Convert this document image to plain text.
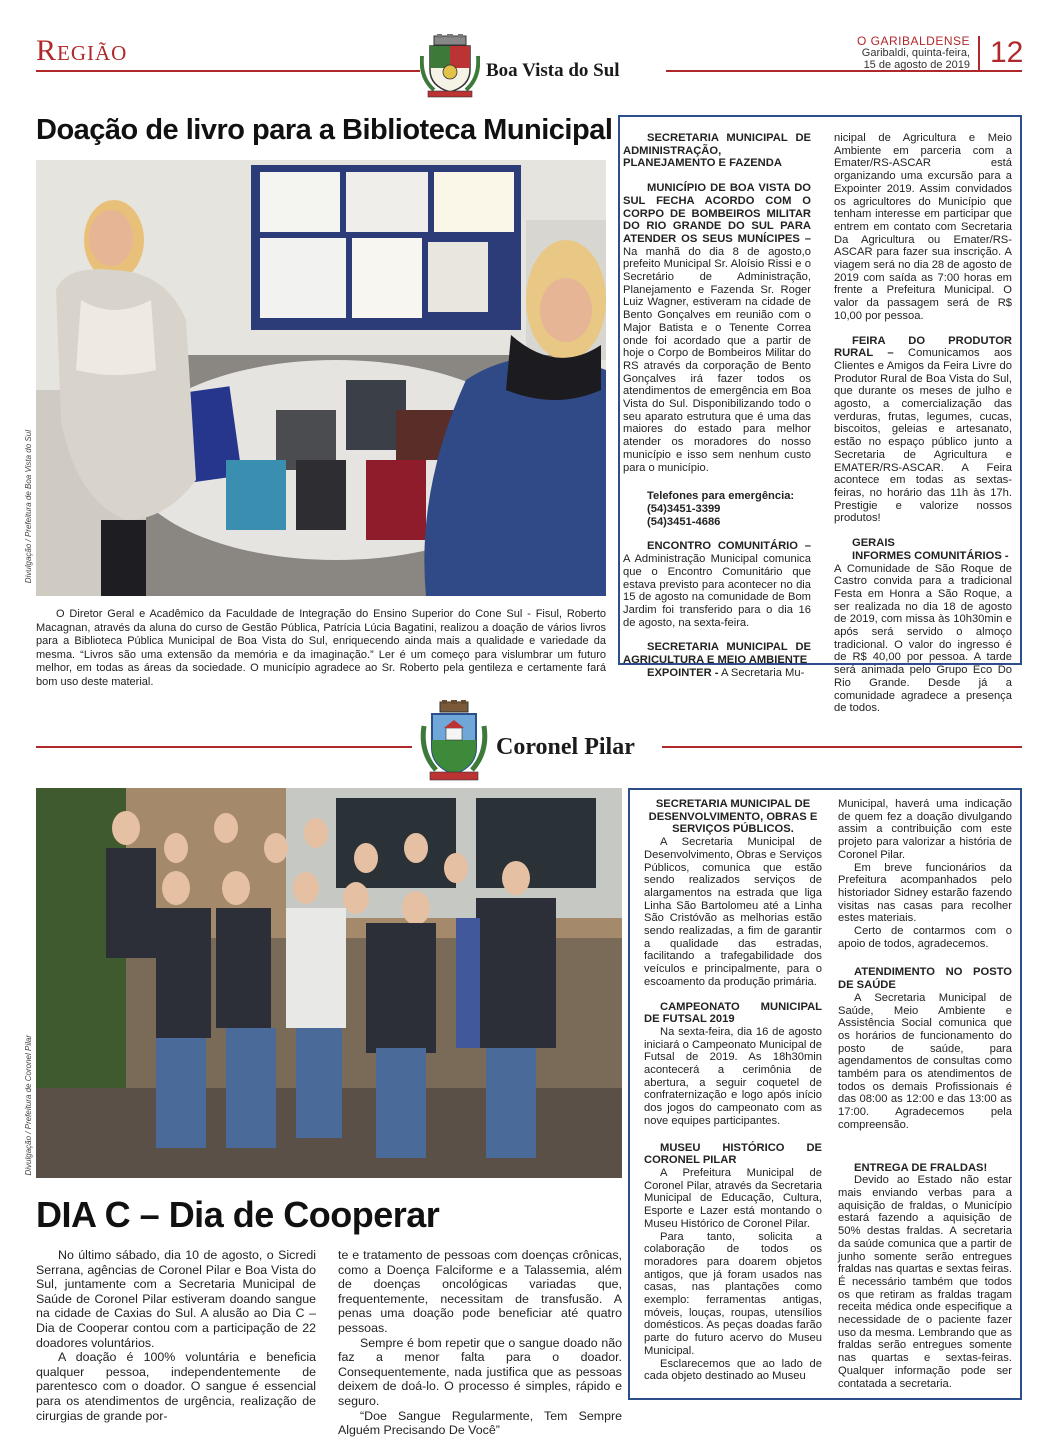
Região
Boa Vista do Sul
O GARIBALDENSE
Garibaldi, quinta-feira,
15 de agosto de 2019 12
Doação de livro para a Biblioteca Municipal
Divulgação / Prefeitura de Boa Vista do Sul
O Diretor Geral e Acadêmico da Faculdade de Integração do Ensino Superior do Cone Sul - Fisul, Roberto Macagnan, através da aluna do curso de Gestão Pública, Patrícia Lúcia Bagatini, realizou a doação de vários livros para a Biblioteca Pública Municipal de Boa Vista do Sul, enriquecendo ainda mais a qualidade e variedade da mesma. “Livros são uma extensão da memória e da imaginação.” Ler é um começo para vislumbrar um futuro melhor, em todas as áreas da sociedade. O município agradece ao Sr. Roberto pela gentileza e certamente fará bom uso deste material.

SECRETARIA MUNICIPAL DE ADMINISTRAÇÃO, PLANEJAMENTO E FAZENDA

MUNICÍPIO DE BOA VISTA DO SUL FECHA ACORDO COM O CORPO DE BOMBEIROS MILITAR DO RIO GRANDE DO SUL PARA ATENDER OS SEUS MUNÍCIPES – Na manhã do dia 8 de agosto,o prefeito Municipal Sr. Aloísio Rissi e o Secretário de Administração, Planejamento e Fazenda Sr. Roger Luiz Wagner, estiveram na cidade de Bento Gonçalves em reunião com o Major Batista e o Tenente Correa onde foi acordado que a partir de hoje o Corpo de Bombeiros Militar do RS através da corporação de Bento Gonçalves irá fazer todos os atendimentos de emergência em Boa Vista do Sul. Disponibilizando todo o seu aparato estrutura que é uma das maiores do estado para melhor atender os moradores do nosso município e isso sem nenhum custo para o município.

Telefones para emergência:

(54)3451-3399

(54)3451-4686

ENCONTRO COMUNITÁRIO – A Administração Municipal comunica que o Encontro Comunitário que estava previsto para acontecer no dia 15 de agosto na comunidade de Bom Jardim foi transferido para o dia 16 de agosto, na sexta-feira.

SECRETARIA MUNICIPAL DE AGRICULTURA E MEIO AMBIENTE

EXPOINTER - A Secretaria Mu-

nicipal de Agricultura e Meio Ambiente em parceria com a Emater/RS-ASCAR está organizando uma excursão para a Expointer 2019. Assim convidados os agricultores do Município que tenham interesse em participar que entrem em contato com Secretaria Da Agricultura ou Emater/RS-ASCAR para fazer sua inscrição. A viagem será no dia 28 de agosto de 2019 com saída as 7:00 horas em frente a Prefeitura Municipal. O valor da passagem será de R$ 10,00 por pessoa.

FEIRA DO PRODUTOR RURAL – Comunicamos aos Clientes e Amigos da Feira Livre do Produtor Rural de Boa Vista do Sul, que durante os meses de julho e agosto, a comercialização das verduras, frutas, legumes, cucas, biscoitos, geleias e artesanato, estão no espaço público junto a Secretaria de Agricultura e EMATER/RS-ASCAR. A Feira acontece em todas as sextas-feiras, no horário das 11h às 17h. Prestigie e valorize nossos produtos!

GERAIS

INFORMES COMUNITÁRIOS -

A Comunidade de São Roque de Castro convida para a tradicional Festa em Honra a São Roque, a ser realizada no dia 18 de agosto de 2019, com missa às 10h30min e após será servido o almoço tradicional. O valor do ingresso é de R$ 40,00 por pessoa. A tarde será animada pelo Grupo Eco Do Rio Grande. Desde já a comunidade agradece a presença de todos.

Coronel Pilar
Divulgação / Prefeitura de Coronel Pilar
DIA C – Dia de Cooperar

No último sábado, dia 10 de agosto, o Sicredi Serrana, agências de Coronel Pilar e Boa Vista do Sul, juntamente com a Secretaria Municipal de Saúde de Coronel Pilar estiveram doando sangue na cidade de Caxias do Sul. A alusão ao Dia C – Dia de Cooperar contou com a participação de 22 doadores voluntários.

A doação é 100% voluntária e beneficia qualquer pessoa, independentemente de parentesco com o doador. O sangue é essencial para os atendimentos de urgência, realização de cirurgias de grande por-

te e tratamento de pessoas com doenças crônicas, como a Doença Falciforme e a Talassemia, além de doenças oncológicas variadas que, frequentemente, necessitam de transfusão. A penas uma doação pode beneficiar até quatro pessoas.

Sempre é bom repetir que o sangue doado não faz a menor falta para o doador. Consequentemente, nada justifica que as pessoas deixem de doá-lo. O processo é simples, rápido e seguro.

“Doe Sangue Regularmente, Tem Sempre Alguém Precisando De Você”

SECRETARIA MUNICIPAL DE DESENVOLVIMENTO, OBRAS E SERVIÇOS PÚBLICOS.

A Secretaria Municipal de Desenvolvimento, Obras e Serviços Públicos, comunica que estão sendo realizados serviços de alargamentos na estrada que liga Linha São Bartolomeu até a Linha São Cristóvão as melhorias estão sendo realizadas, a fim de garantir a qualidade das estradas, facilitando a trafegabilidade dos veículos e principalmente, para o escoamento da produção primária.

CAMPEONATO MUNICIPAL DE FUTSAL 2019

Na sexta-feira, dia 16 de agosto iniciará o Campeonato Municipal de Futsal de 2019. As 18h30min acontecerá a cerimônia de abertura, a seguir coquetel de confraternização e logo após início dos jogos do campeonato com as nove equipes participantes.

MUSEU HISTÓRICO DE CORONEL PILAR

A Prefeitura Municipal de Coronel Pilar, através da Secretaria Municipal de Educação, Cultura, Esporte e Lazer está montando o Museu Histórico de Coronel Pilar.

Para tanto, solicita a colaboração de todos os moradores para doarem objetos antigos, que já foram usados nas casas, nas plantações como exemplo: ferramentas antigas, móveis, louças, roupas, utensílios domésticos. As peças doadas farão parte do futuro acervo do Museu Municipal.

Esclarecemos que ao lado de cada objeto destinado ao Museu

Municipal, haverá uma indicação de quem fez a doação divulgando assim a contribuição com este projeto para valorizar a história de Coronel Pilar.

Em breve funcionários da Prefeitura acompanhados pelo historiador Sidney estarão fazendo visitas nas casas para recolher estes materiais.

Certo de contarmos com o apoio de todos, agradecemos.

ATENDIMENTO NO POSTO DE SAÚDE

A Secretaria Municipal de Saúde, Meio Ambiente e Assistência Social comunica que os horários de funcionamento do posto de saúde, para agendamentos de consultas como também para os atendimentos de todos os demais Profissionais é das 08:00 as 12:00 e das 13:00 as 17:00. Agradecemos pela compreensão.

ENTREGA DE FRALDAS!

Devido ao Estado não estar mais enviando verbas para a aquisição de fraldas, o Município estará fazendo a aquisição de 50% destas fraldas. A secretaria da saúde comunica que a partir de junho somente serão entregues fraldas nas quartas e sextas feiras. É necessário também que todos os que retiram as fraldas tragam receita médica onde especifique a necessidade de o paciente fazer uso da mesma. Lembrando que as fraldas serão entregues somente nas quartas e sextas-feiras. Qualquer informação pode ser contatada a secretaria.
